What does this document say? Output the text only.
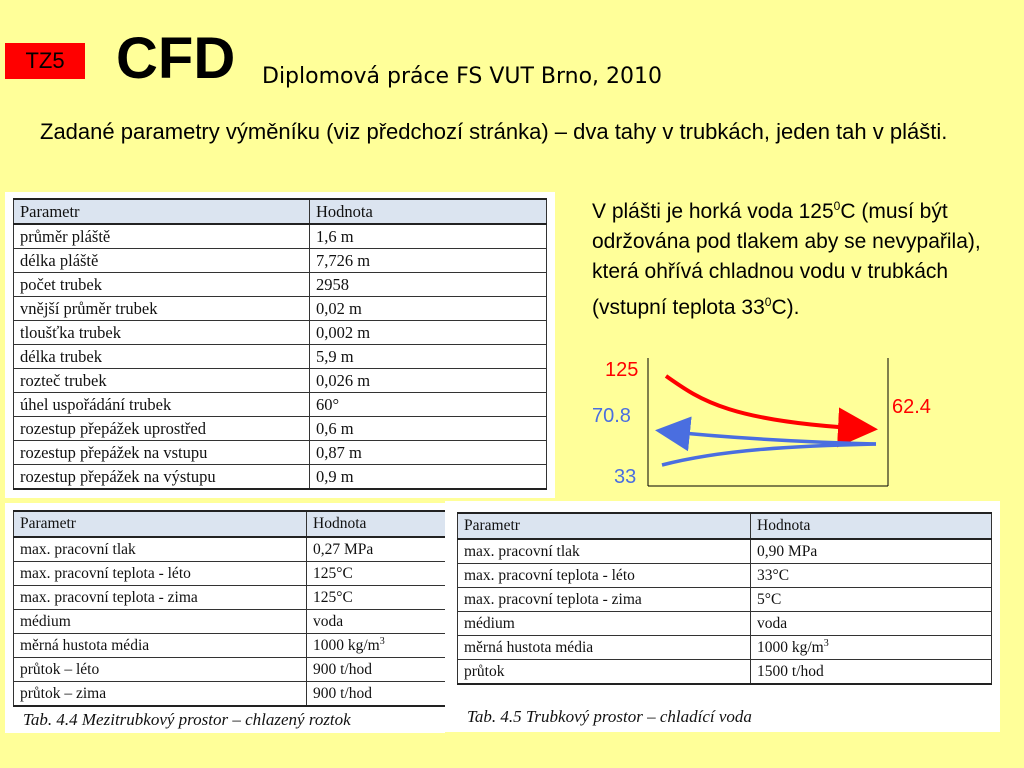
TZ5 CFD Diplomová práce FS VUT Brno, 2010
Zadané parametry výměníku (viz předchozí stránka) – dva tahy v trubkách, jeden tah v plášti.
V plášti je horká voda $125^0C$ (musí být održována pod tlakem aby se nevypařila), která ohřívá chladnou vodu v trubkách (vstupní teplota $33^0C$).
125
62.4
70.8
33
Parametr	Hodnota
průměr pláště	1,6 m
délka pláště	7,726 m
počet trubek	2958
vnější průměr trubek	0,02 m
tloušťka trubek	0,002 m
délka trubek	5,9 m
rozteč trubek	0,026 m
úhel uspořádání trubek	60°
rozestup přepážek uprostřed	0,6 m
rozestup přepážek na vstupu	0,87 m
rozestup přepážek na výstupu	0,9 m
Parametr	Hodnota
max. pracovní tlak	0,27 MPa
max. pracovní teplota - léto	125°C
max. pracovní teplota - zima	125°C
médium	voda
měrná hustota média	1000 $kg/m^3$
průtok – léto	900 t/hod
průtok – zima	900 t/hod
Tab. 4.4 Mezitrubkový prostor – chlazený roztok
Parametr	Hodnota
max. pracovní tlak	0,90 MPa
max. pracovní teplota - léto	33°C
max. pracovní teplota - zima	5°C
médium	voda
měrná hustota média	1000 $kg/m^3$
průtok	1500 t/hod
Tab. 4.5 Trubkový prostor – chladící voda
